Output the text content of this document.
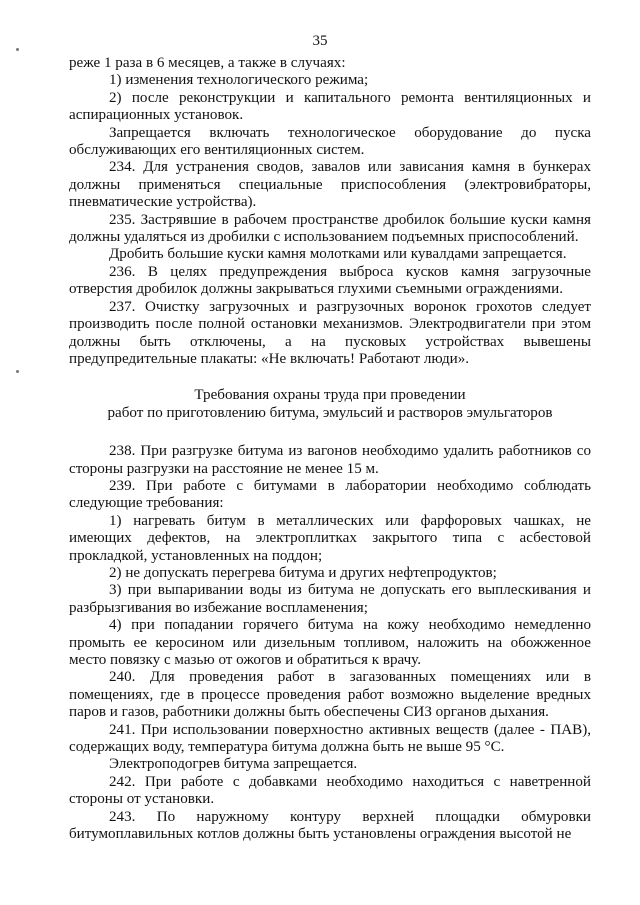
35

реже 1 раза в 6 месяцев, а также в случаях:

1) изменения технологического режима;

2) после реконструкции и капитального ремонта вентиляционных и аспирационных установок.

Запрещается включать технологическое оборудование до пуска обслуживающих его вентиляционных систем.

234. Для устранения сводов, завалов или зависания камня в бункерах должны применяться специальные приспособления (электровибраторы, пневматические устройства).

235. Застрявшие в рабочем пространстве дробилок большие куски камня должны удаляться из дробилки с использованием подъемных приспособлений.

Дробить большие куски камня молотками или кувалдами запрещается.

236. В целях предупреждения выброса кусков камня загрузочные отверстия дробилок должны закрываться глухими съемными ограждениями.

237. Очистку загрузочных и разгрузочных воронок грохотов следует производить после полной остановки механизмов. Электродвигатели при этом должны быть отключены, а на пусковых устройствах вывешены предупредительные плакаты: «Не включать! Работают люди».

Требования охраны труда при проведении

работ по приготовлению битума, эмульсий и растворов эмульгаторов

238. При разгрузке битума из вагонов необходимо удалить работников со стороны разгрузки на расстояние не менее 15 м.

239. При работе с битумами в лаборатории необходимо соблюдать следующие требования:

1) нагревать битум в металлических или фарфоровых чашках, не имеющих дефектов, на электроплитках закрытого типа с асбестовой прокладкой, установленных на поддон;

2) не допускать перегрева битума и других нефтепродуктов;

3) при выпаривании воды из битума не допускать его выплескивания и разбрызгивания во избежание воспламенения;

4) при попадании горячего битума на кожу необходимо немедленно промыть ее керосином или дизельным топливом, наложить на обожженное место повязку с мазью от ожогов и обратиться к врачу.

240. Для проведения работ в загазованных помещениях или в помещениях, где в процессе проведения работ возможно выделение вредных паров и газов, работники должны быть обеспечены СИЗ органов дыхания.

241. При использовании поверхностно активных веществ (далее - ПАВ), содержащих воду, температура битума должна быть не выше 95 °С.

Электроподогрев битума запрещается.

242. При работе с добавками необходимо находиться с наветренной стороны от установки.

243. По наружному контуру верхней площадки обмуровки битумоплавильных котлов должны быть установлены ограждения высотой не
